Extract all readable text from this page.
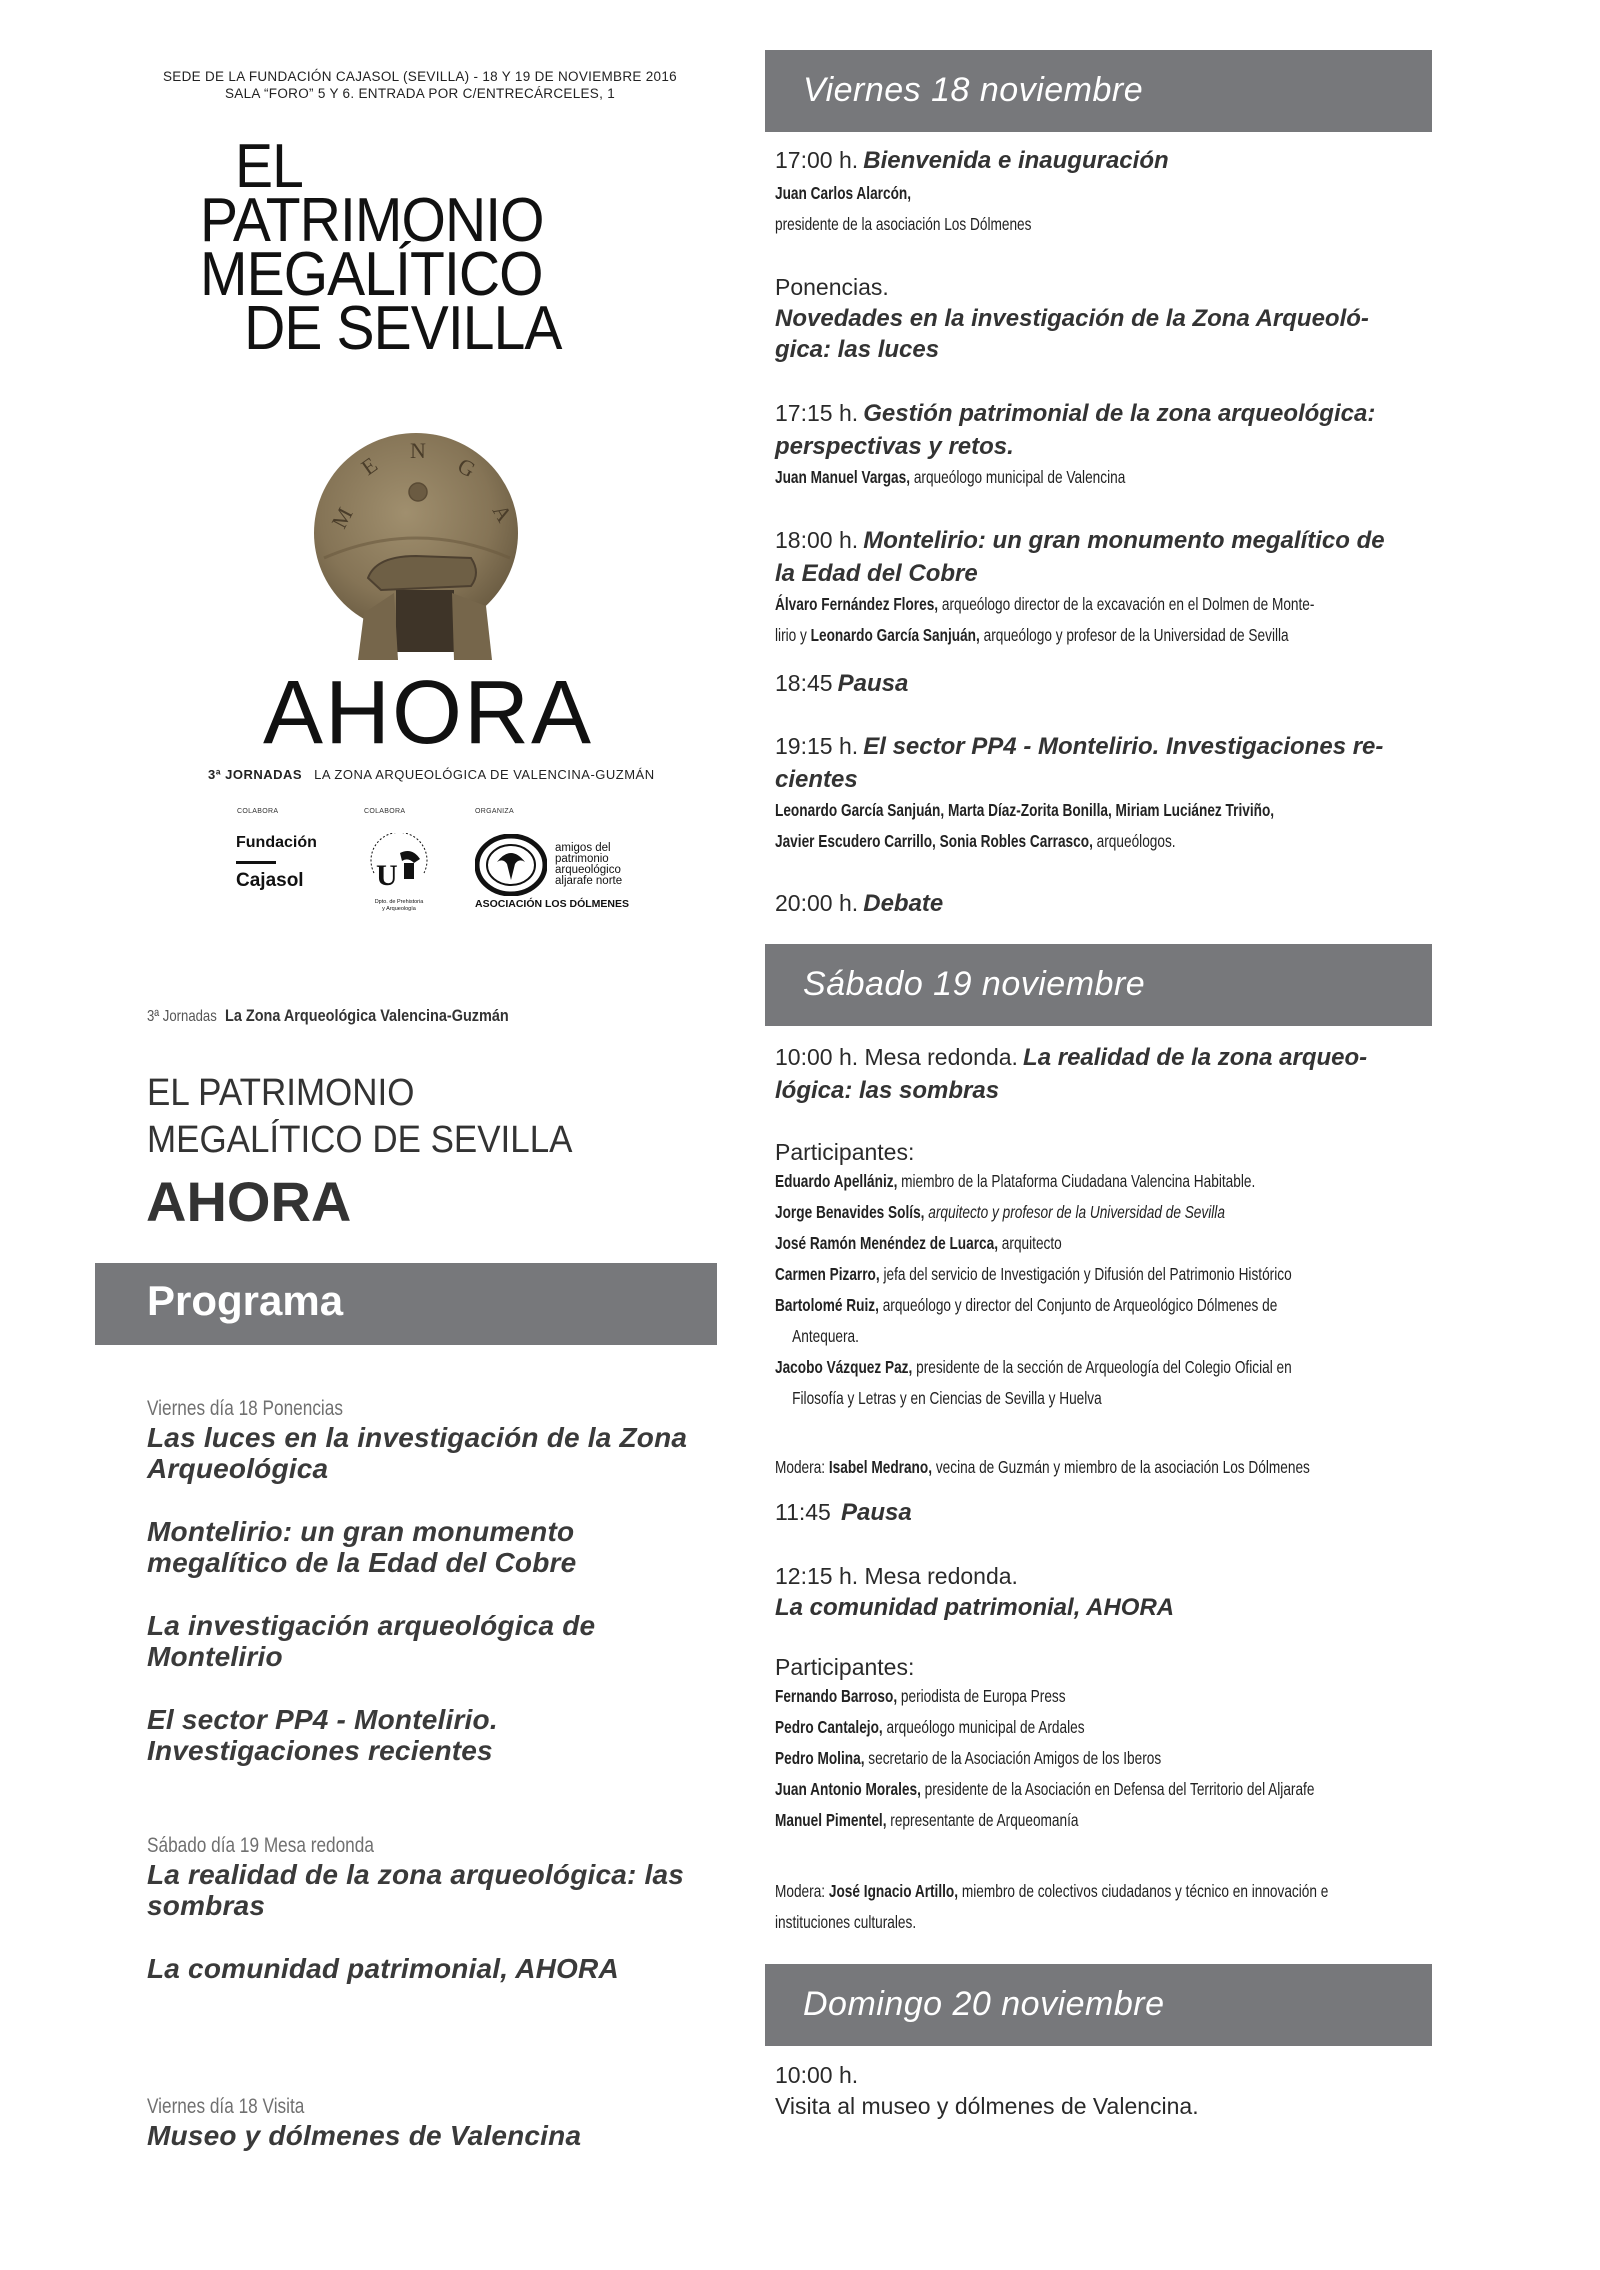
SEDE DE LA FUNDACIÓN CAJASOL (SEVILLA) - 18 Y 19 DE NOVIEMBRE 2016
SALA “FORO” 5 Y 6. ENTRADA POR C/ENTRECÁRCELES, 1
EL
PATRIMONIO
MEGALÍTICO
DE SEVILLA
M
E
N
G
A
AHORA
3ª JORNADAS LA ZONA ARQUEOLÓGICA DE VALENCINA-GUZMÁN
COLABORA	COLABORA	ORGANIZA
Fundación
Cajasol	U
Dpto. de Prehistoria
y Arqueología
amigos del
patrimonio
arqueológico
aljarafe norte
ASOCIACIÓN LOS DÓLMENES
3ª Jornadas La Zona Arqueológica Valencina-Guzmán
EL PATRIMONIO
MEGALÍTICO DE SEVILLA
AHORA
Programa
Viernes día 18 Ponencias
Las luces en la investigación de la Zona Arqueológica
Montelirio: un gran monumento megalítico de la Edad del Cobre
La investigación arqueológica de Montelirio
El sector PP4 - Montelirio. Investigaciones recientes
Sábado día 19 Mesa redonda
La realidad de la zona arqueológica: las sombras
La comunidad patrimonial, AHORA
Viernes día 18 Visita
Museo y dólmenes de Valencina
Viernes 18 noviembre
17:00 h. Bienvenida e inauguración
Juan Carlos Alarcón,
presidente de la asociación Los Dólmenes
Ponencias.
Novedades en la investigación de la Zona Arqueoló-
gica: las luces
17:15 h. Gestión patrimonial de la zona arqueológica:
perspectivas y retos.
Juan Manuel Vargas, arqueólogo municipal de Valencina
18:00 h. Montelirio: un gran monumento megalítico de
la Edad del Cobre
Álvaro Fernández Flores, arqueólogo director de la excavación en el Dolmen de Monte-
lirio y Leonardo García Sanjuán, arqueólogo y profesor de la Universidad de Sevilla
18:45 Pausa
19:15 h. El sector PP4 - Montelirio. Investigaciones re-
cientes
Leonardo García Sanjuán, Marta Díaz-Zorita Bonilla, Miriam Luciánez Triviño,
Javier Escudero Carrillo, Sonia Robles Carrasco, arqueólogos.
20:00 h. Debate
Sábado 19 noviembre
10:00 h. Mesa redonda. La realidad de la zona arqueo-
lógica: las sombras
Participantes:
Eduardo Apellániz, miembro de la Plataforma Ciudadana Valencina Habitable.
Jorge Benavides Solís, arquitecto y profesor de la Universidad de Sevilla
José Ramón Menéndez de Luarca, arquitecto
Carmen Pizarro, jefa del servicio de Investigación y Difusión del Patrimonio Histórico
Bartolomé Ruiz, arqueólogo y director del Conjunto de Arqueológico Dólmenes de
Antequera.
Jacobo Vázquez Paz, presidente de la sección de Arqueología del Colegio Oficial en
Filosofía y Letras y en Ciencias de Sevilla y Huelva
Modera: Isabel Medrano, vecina de Guzmán y miembro de la asociación Los Dólmenes
11:45 Pausa
12:15 h. Mesa redonda.
La comunidad patrimonial, AHORA
Participantes:
Fernando Barroso, periodista de Europa Press
Pedro Cantalejo, arqueólogo municipal de Ardales
Pedro Molina, secretario de la Asociación Amigos de los Iberos
Juan Antonio Morales, presidente de la Asociación en Defensa del Territorio del Aljarafe
Manuel Pimentel, representante de Arqueomanía
Modera: José Ignacio Artillo, miembro de colectivos ciudadanos y técnico en innovación e
instituciones culturales.
Domingo 20 noviembre
10:00 h.
Visita al museo y dólmenes de Valencina.
